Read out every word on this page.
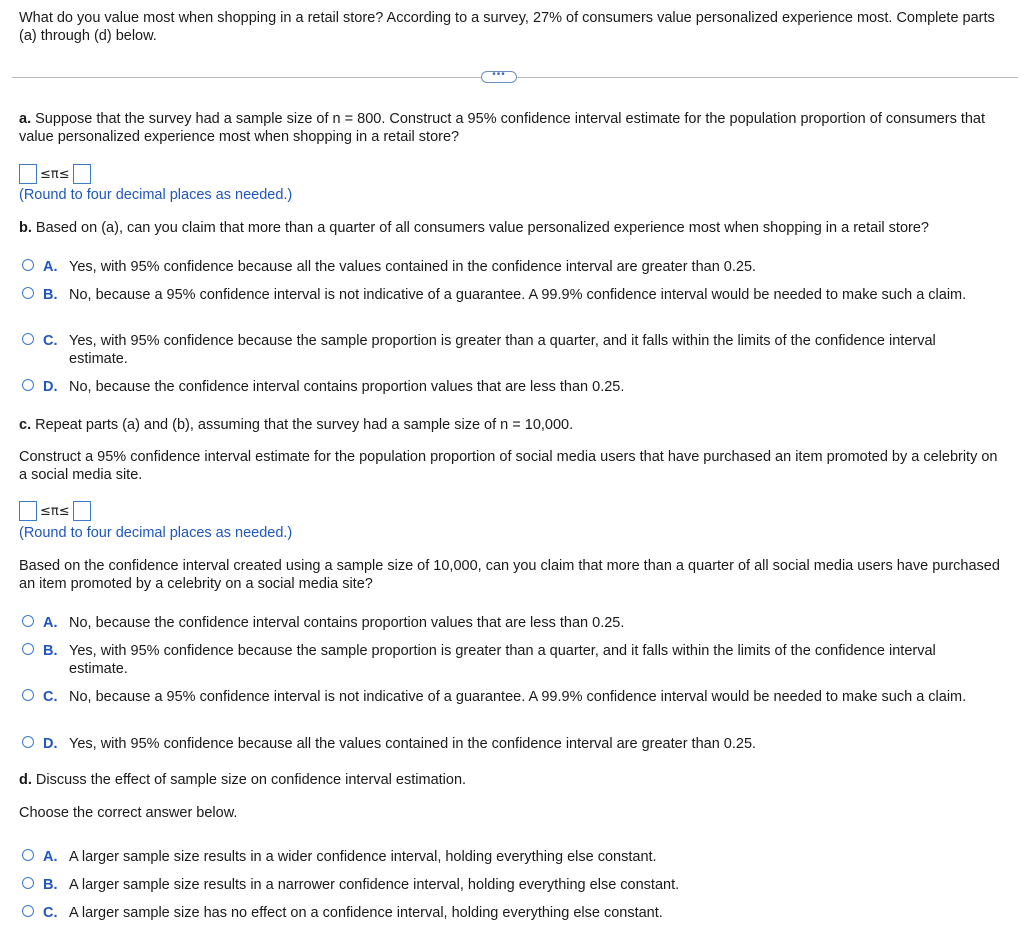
What do you value most when shopping in a retail store? According to a survey, 27% of consumers value personalized experience most. Complete parts (a) through (d) below.
•••
a. Suppose that the survey had a sample size of n = 800. Construct a 95% confidence interval estimate for the population proportion of consumers that value personalized experience most when shopping in a retail store?
≤π≤
(Round to four decimal places as needed.)
b. Based on (a), can you claim that more than a quarter of all consumers value personalized experience most when shopping in a retail store?
A. Yes, with 95% confidence because all the values contained in the confidence interval are greater than 0.25.
B. No, because a 95% confidence interval is not indicative of a guarantee. A 99.9% confidence interval would be needed to make such a claim.
C. Yes, with 95% confidence because the sample proportion is greater than a quarter, and it falls within the limits of the confidence interval estimate.
D. No, because the confidence interval contains proportion values that are less than 0.25.
c. Repeat parts (a) and (b), assuming that the survey had a sample size of n = 10,000.
Construct a 95% confidence interval estimate for the population proportion of social media users that have purchased an item promoted by a celebrity on a social media site.
≤π≤
(Round to four decimal places as needed.)
Based on the confidence interval created using a sample size of 10,000, can you claim that more than a quarter of all social media users have purchased an item promoted by a celebrity on a social media site?
A. No, because the confidence interval contains proportion values that are less than 0.25.
B. Yes, with 95% confidence because the sample proportion is greater than a quarter, and it falls within the limits of the confidence interval estimate.
C. No, because a 95% confidence interval is not indicative of a guarantee. A 99.9% confidence interval would be needed to make such a claim.
D. Yes, with 95% confidence because all the values contained in the confidence interval are greater than 0.25.
d. Discuss the effect of sample size on confidence interval estimation.
Choose the correct answer below.
A. A larger sample size results in a wider confidence interval, holding everything else constant.
B. A larger sample size results in a narrower confidence interval, holding everything else constant.
C. A larger sample size has no effect on a confidence interval, holding everything else constant.
